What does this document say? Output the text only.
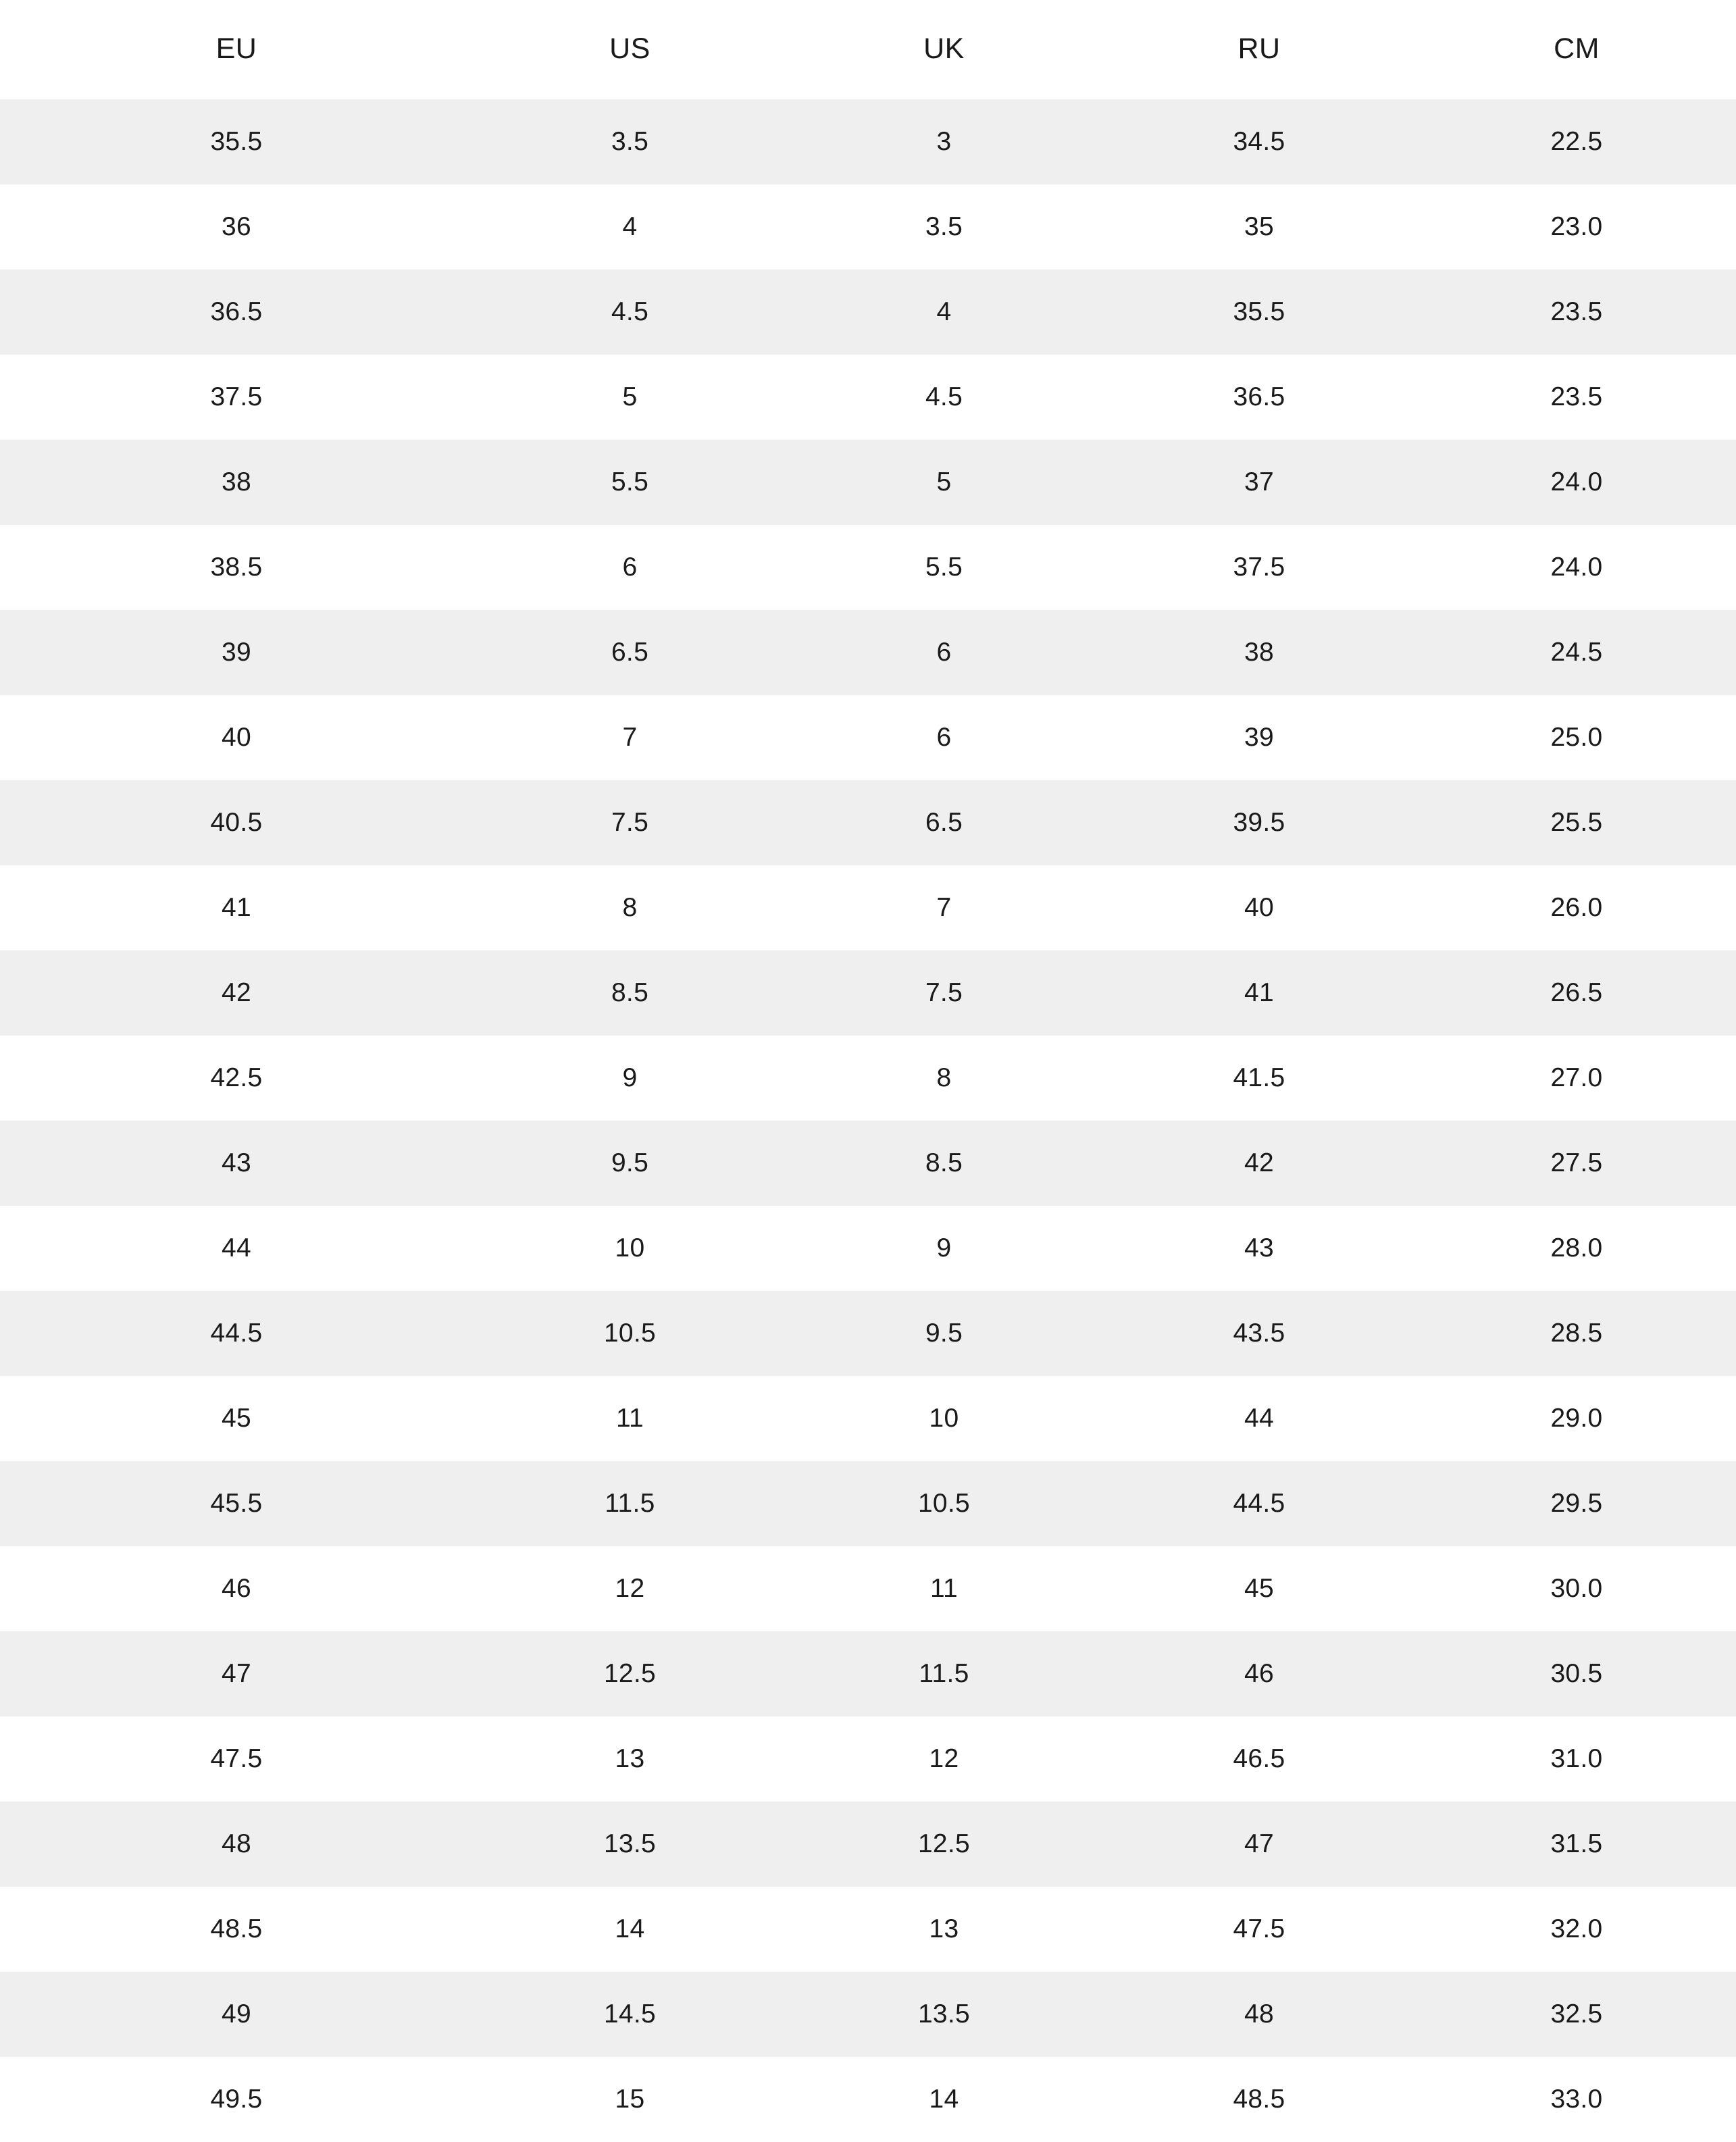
EU	US	UK	RU	CM
35.5	3.5	3	34.5	22.5
36	4	3.5	35	23.0
36.5	4.5	4	35.5	23.5
37.5	5	4.5	36.5	23.5
38	5.5	5	37	24.0
38.5	6	5.5	37.5	24.0
39	6.5	6	38	24.5
40	7	6	39	25.0
40.5	7.5	6.5	39.5	25.5
41	8	7	40	26.0
42	8.5	7.5	41	26.5
42.5	9	8	41.5	27.0
43	9.5	8.5	42	27.5
44	10	9	43	28.0
44.5	10.5	9.5	43.5	28.5
45	11	10	44	29.0
45.5	11.5	10.5	44.5	29.5
46	12	11	45	30.0
47	12.5	11.5	46	30.5
47.5	13	12	46.5	31.0
48	13.5	12.5	47	31.5
48.5	14	13	47.5	32.0
49	14.5	13.5	48	32.5
49.5	15	14	48.5	33.0
